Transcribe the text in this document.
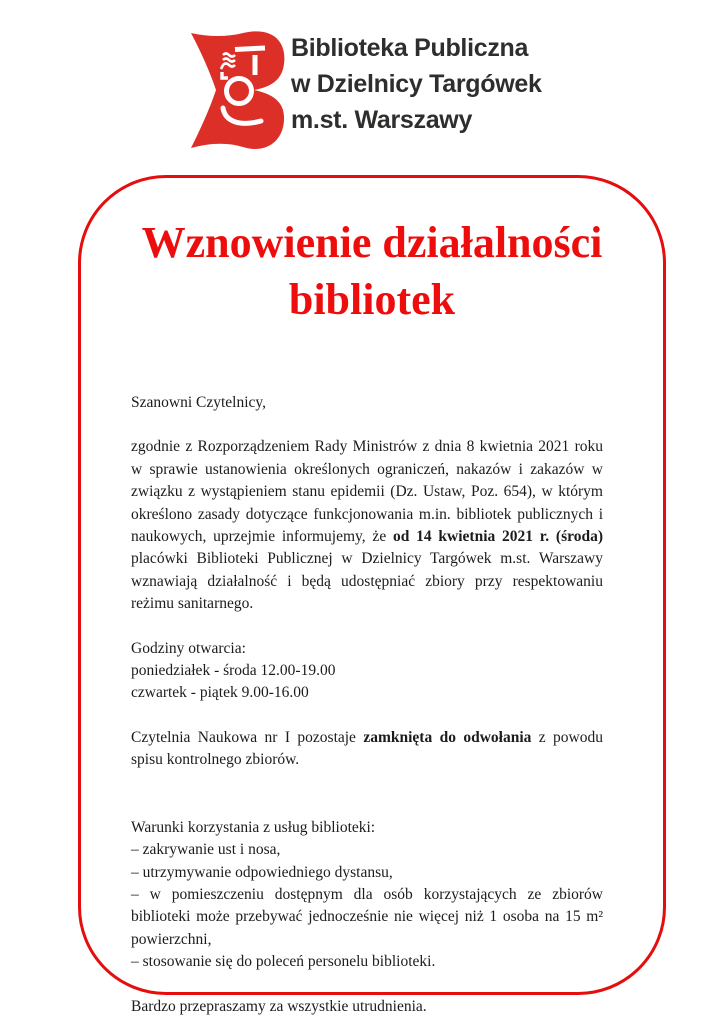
Biblioteka Publiczna
w Dzielnicy Targówek
m.st. Warszawy
Wznowienie działalności bibliotek

Szanowni Czytelnicy,

zgodnie z Rozporządzeniem Rady Ministrów z dnia 8 kwietnia 2021 roku w sprawie ustanowienia określonych ograniczeń, nakazów i zakazów w związku z wystąpieniem stanu epidemii (Dz. Ustaw, Poz. 654), w którym określono zasady dotyczące funkcjonowania m.in. bibliotek publicznych i naukowych, uprzejmie informujemy, że od 14 kwietnia 2021 r. (środa) placówki Biblioteki Publicznej w Dzielnicy Targówek m.st. Warszawy wznawiają działalność i będą udostępniać zbiory przy respektowaniu reżimu sanitarnego.

Godziny otwarcia:

poniedziałek - środa 12.00-19.00

czwartek - piątek 9.00-16.00

Czytelnia Naukowa nr I pozostaje zamknięta do odwołania z powodu spisu kontrolnego zbiorów.

Warunki korzystania z usług biblioteki:

– zakrywanie ust i nosa,

– utrzymywanie odpowiedniego dystansu,

– w pomieszczeniu dostępnym dla osób korzystających ze zbiorów biblioteki może przebywać jednocześnie nie więcej niż 1 osoba na 15 m² powierzchni,

– stosowanie się do poleceń personelu biblioteki.

Bardzo przepraszamy za wszystkie utrudnienia.
